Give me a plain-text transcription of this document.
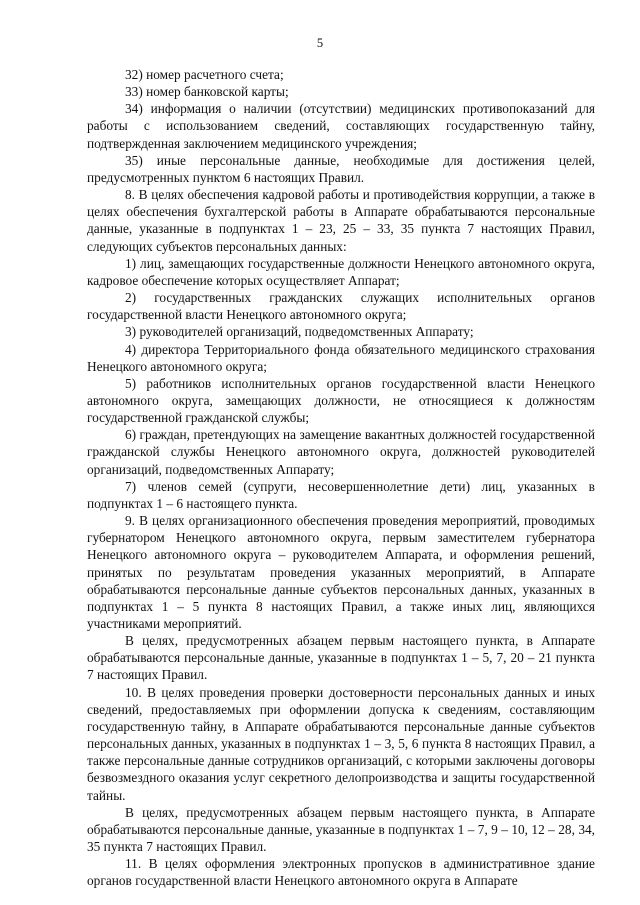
5

32) номер расчетного счета;

33) номер банковской карты;

34) информация о наличии (отсутствии) медицинских противопоказаний для работы с использованием сведений, составляющих государственную тайну, подтвержденная заключением медицинского учреждения;

35) иные персональные данные, необходимые для достижения целей, предусмотренных пунктом 6 настоящих Правил.

8. В целях обеспечения кадровой работы и противодействия коррупции, а также в целях обеспечения бухгалтерской работы в Аппарате обрабатываются персональные данные, указанные в подпунктах 1 – 23, 25 – 33, 35 пункта 7 настоящих Правил, следующих субъектов персональных данных:

1) лиц, замещающих государственные должности Ненецкого автономного округа, кадровое обеспечение которых осуществляет Аппарат;

2) государственных гражданских служащих исполнительных органов государственной власти Ненецкого автономного округа;

3) руководителей организаций, подведомственных Аппарату;

4) директора Территориального фонда обязательного медицинского страхования Ненецкого автономного округа;

5) работников исполнительных органов государственной власти Ненецкого автономного округа, замещающих должности, не относящиеся к должностям государственной гражданской службы;

6) граждан, претендующих на замещение вакантных должностей государственной гражданской службы Ненецкого автономного округа, должностей руководителей организаций, подведомственных Аппарату;

7) членов семей (супруги, несовершеннолетние дети) лиц, указанных в подпунктах 1 – 6 настоящего пункта.

9. В целях организационного обеспечения проведения мероприятий, проводимых губернатором Ненецкого автономного округа, первым заместителем губернатора Ненецкого автономного округа – руководителем Аппарата, и оформления решений, принятых по результатам проведения указанных мероприятий, в Аппарате обрабатываются персональные данные субъектов персональных данных, указанных в подпунктах 1 – 5 пункта 8 настоящих Правил, а также иных лиц, являющихся участниками мероприятий.

В целях, предусмотренных абзацем первым настоящего пункта, в Аппарате обрабатываются персональные данные, указанные в подпунктах 1 – 5, 7, 20 – 21 пункта 7 настоящих Правил.

10. В целях проведения проверки достоверности персональных данных и иных сведений, предоставляемых при оформлении допуска к сведениям, составляющим государственную тайну, в Аппарате обрабатываются персональные данные субъектов персональных данных, указанных в подпунктах 1 – 3, 5, 6 пункта 8 настоящих Правил, а также персональные данные сотрудников организаций, с которыми заключены договоры безвозмездного оказания услуг секретного делопроизводства и защиты государственной тайны.

В целях, предусмотренных абзацем первым настоящего пункта, в Аппарате обрабатываются персональные данные, указанные в подпунктах 1 – 7, 9 – 10, 12 – 28, 34, 35 пункта 7 настоящих Правил.

11. В целях оформления электронных пропусков в административное здание органов государственной власти Ненецкого автономного округа в Аппарате
